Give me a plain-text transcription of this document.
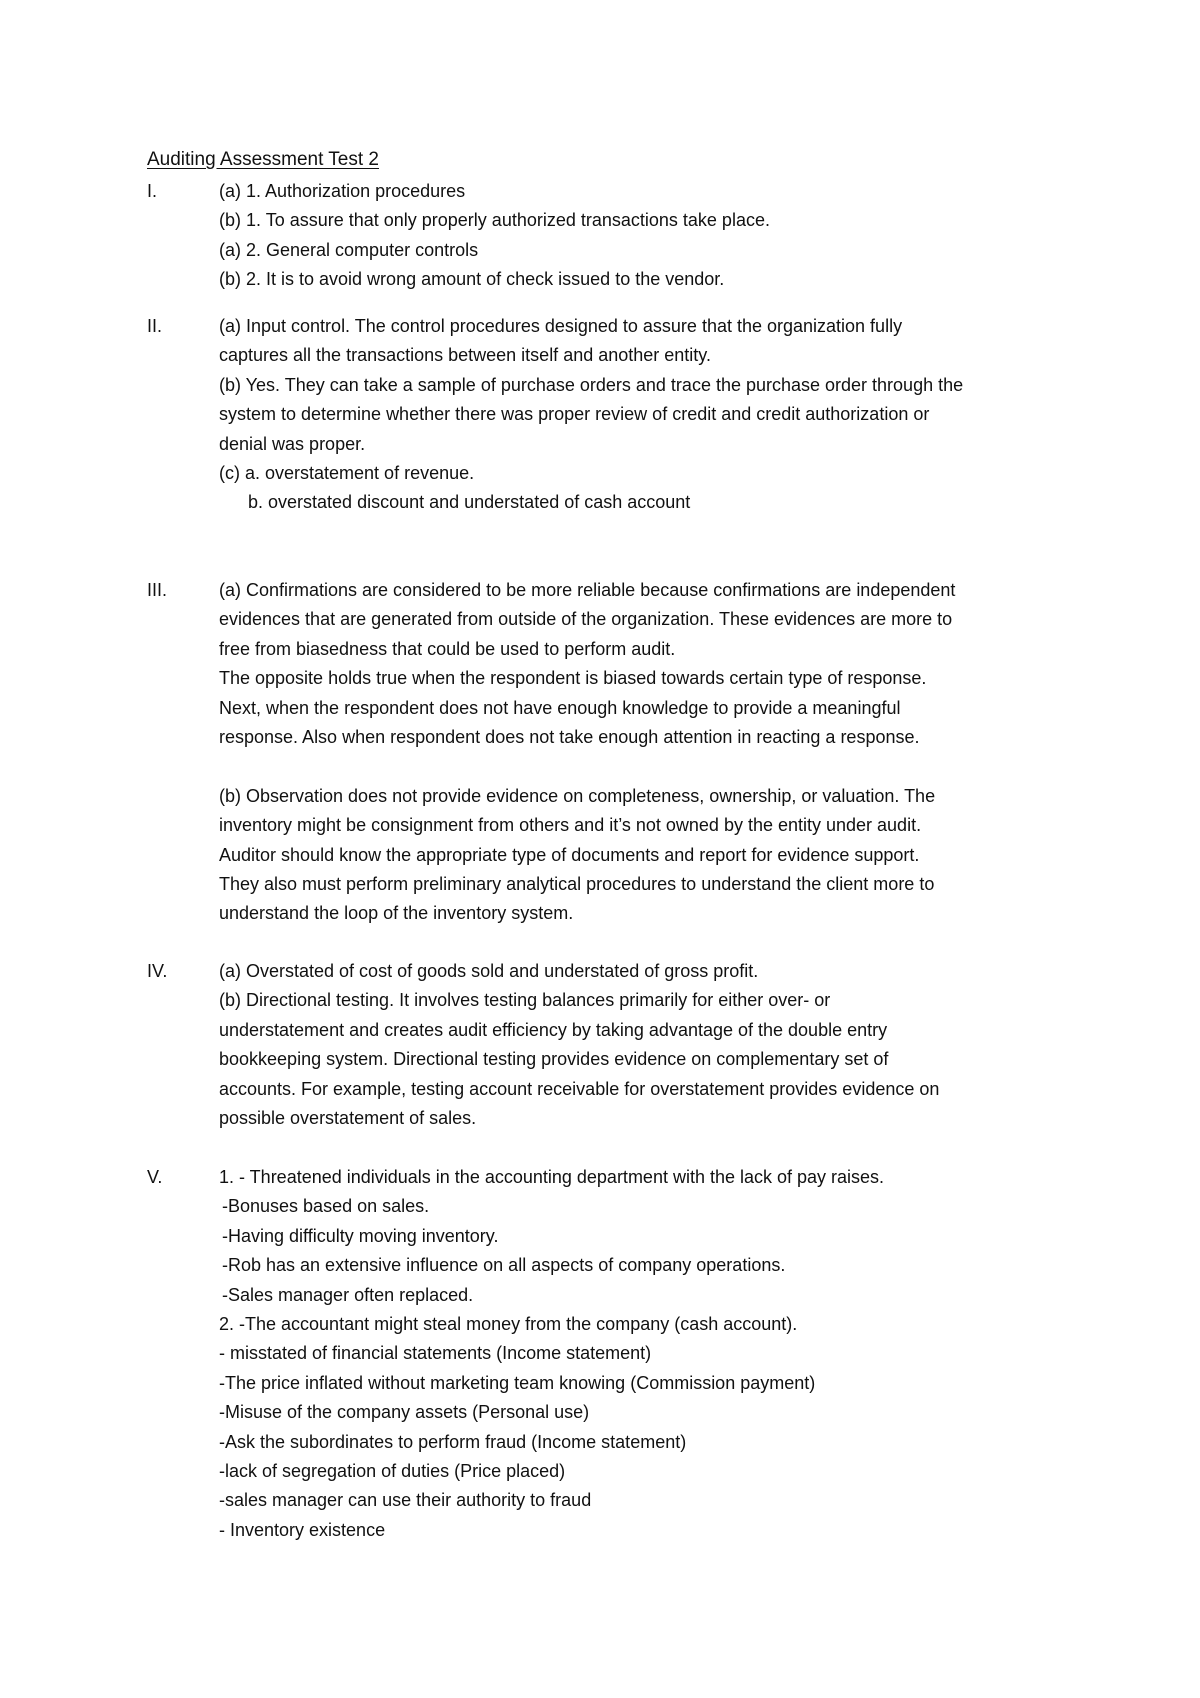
Auditing Assessment Test 2
I.	(a) 1. Authorization procedures
(b) 1. To assure that only properly authorized transactions take place.
(a) 2. General computer controls
(b) 2. It is to avoid wrong amount of check issued to the vendor.
II.	(a) Input control. The control procedures designed to assure that the organization fully
captures all the transactions between itself and another entity.
(b) Yes. They can take a sample of purchase orders and trace the purchase order through the
system to determine whether there was proper review of credit and credit authorization or
denial was proper.
(c) a. overstatement of revenue.
b. overstated discount and understated of cash account
III.	(a) Confirmations are considered to be more reliable because confirmations are independent
evidences that are generated from outside of the organization. These evidences are more to
free from biasedness that could be used to perform audit.
The opposite holds true when the respondent is biased towards certain type of response.
Next, when the respondent does not have enough knowledge to provide a meaningful
response. Also when respondent does not take enough attention in reacting a response.
(b) Observation does not provide evidence on completeness, ownership, or valuation. The
inventory might be consignment from others and it’s not owned by the entity under audit.
Auditor should know the appropriate type of documents and report for evidence support.
They also must perform preliminary analytical procedures to understand the client more to
understand the loop of the inventory system.
IV.	(a) Overstated of cost of goods sold and understated of gross profit.
(b) Directional testing. It involves testing balances primarily for either over- or
understatement and creates audit efficiency by taking advantage of the double entry
bookkeeping system. Directional testing provides evidence on complementary set of
accounts. For example, testing account receivable for overstatement provides evidence on
possible overstatement of sales.
V.	1. - Threatened individuals in the accounting department with the lack of pay raises.
-Bonuses based on sales.
-Having difficulty moving inventory.
-Rob has an extensive influence on all aspects of company operations.
-Sales manager often replaced.
2. -The accountant might steal money from the company (cash account).
- misstated of financial statements (Income statement)
-The price inflated without marketing team knowing (Commission payment)
-Misuse of the company assets (Personal use)
-Ask the subordinates to perform fraud (Income statement)
-lack of segregation of duties (Price placed)
-sales manager can use their authority to fraud
- Inventory existence
